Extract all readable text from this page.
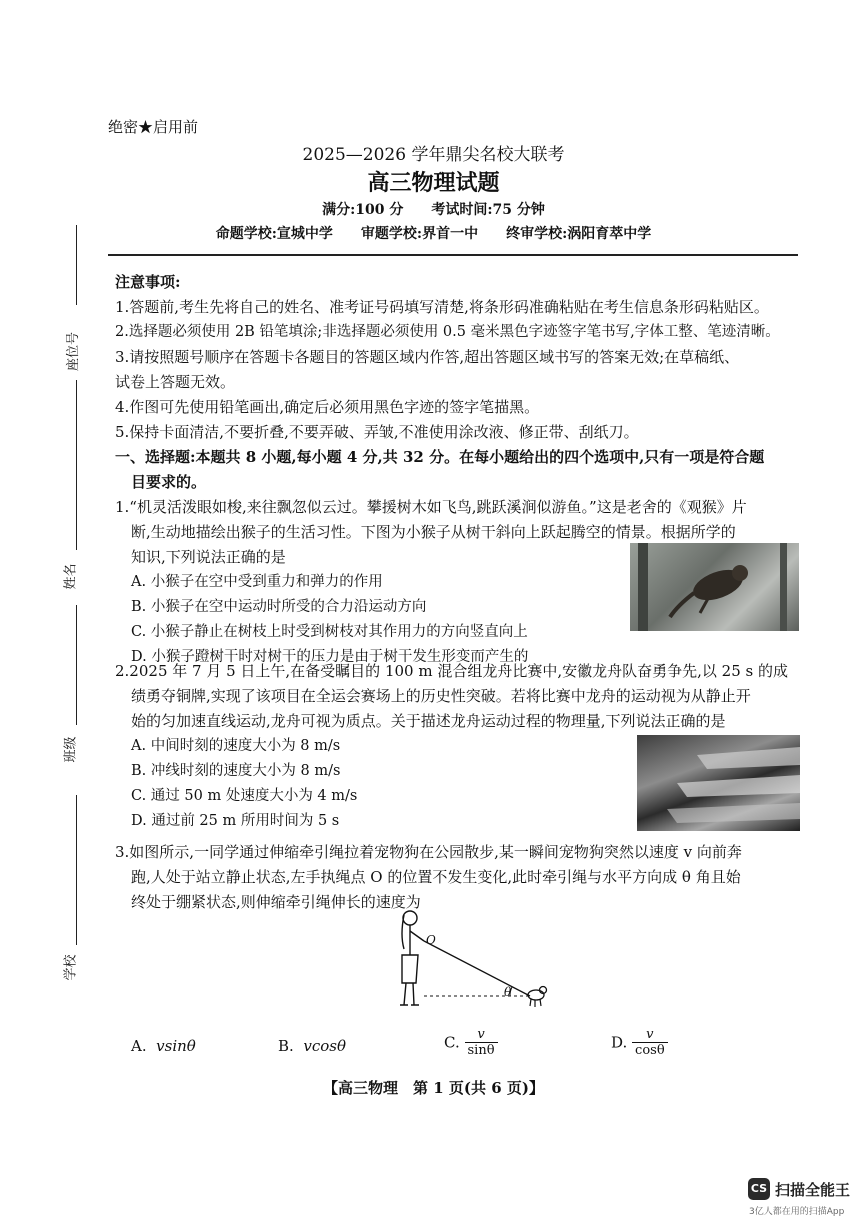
绝密★启用前
2025—2026 学年鼎尖名校大联考
高三物理试题
满分:100 分　　考试时间:75 分钟
命题学校:宣城中学　　审题学校:界首一中　　终审学校:涡阳育萃中学
座位号
姓名
班级
学校
注意事项:
1.答题前,考生先将自己的姓名、准考证号码填写清楚,将条形码准确粘贴在考生信息条形码粘贴区。
2.选择题必须使用 2B 铅笔填涂;非选择题必须使用 0.5 毫米黑色字迹签字笔书写,字体工整、笔迹清晰。
3.请按照题号顺序在答题卡各题目的答题区域内作答,超出答题区域书写的答案无效;在草稿纸、
试卷上答题无效。
4.作图可先使用铅笔画出,确定后必须用黑色字迹的签字笔描黑。
5.保持卡面清洁,不要折叠,不要弄破、弄皱,不准使用涂改液、修正带、刮纸刀。
一、选择题:本题共 8 小题,每小题 4 分,共 32 分。在每小题给出的四个选项中,只有一项是符合题
目要求的。
1.“机灵活泼眼如梭,来往飘忽似云过。攀援树木如飞鸟,跳跃溪涧似游鱼。”这是老舍的《观猴》片
断,生动地描绘出猴子的生活习性。下图为小猴子从树干斜向上跃起腾空的情景。根据所学的
知识,下列说法正确的是
A. 小猴子在空中受到重力和弹力的作用
B. 小猴子在空中运动时所受的合力沿运动方向
C. 小猴子静止在树枝上时受到树枝对其作用力的方向竖直向上
D. 小猴子蹬树干时对树干的压力是由于树干发生形变而产生的
2.2025 年 7 月 5 日上午,在备受瞩目的 100 m 混合组龙舟比赛中,安徽龙舟队奋勇争先,以 25 s 的成
绩勇夺铜牌,实现了该项目在全运会赛场上的历史性突破。若将比赛中龙舟的运动视为从静止开
始的匀加速直线运动,龙舟可视为质点。关于描述龙舟运动过程的物理量,下列说法正确的是
A. 中间时刻的速度大小为 8 m/s
B. 冲线时刻的速度大小为 8 m/s
C. 通过 50 m 处速度大小为 4 m/s
D. 通过前 25 m 所用时间为 5 s
3.如图所示,一同学通过伸缩牵引绳拉着宠物狗在公园散步,某一瞬间宠物狗突然以速度 v 向前奔
跑,人处于站立静止状态,左手执绳点 O 的位置不发生变化,此时牵引绳与水平方向成 θ 角且始
终处于绷紧状态,则伸缩牵引绳伸长的速度为
O
θ
A. vsinθ	B. vcosθ	C. $\frac{v}{\sin\theta}$	D. $\frac{v}{\cos\theta}$
【高三物理　第 1 页(共 6 页)】
CS 扫描全能王
3亿人都在用的扫描App
